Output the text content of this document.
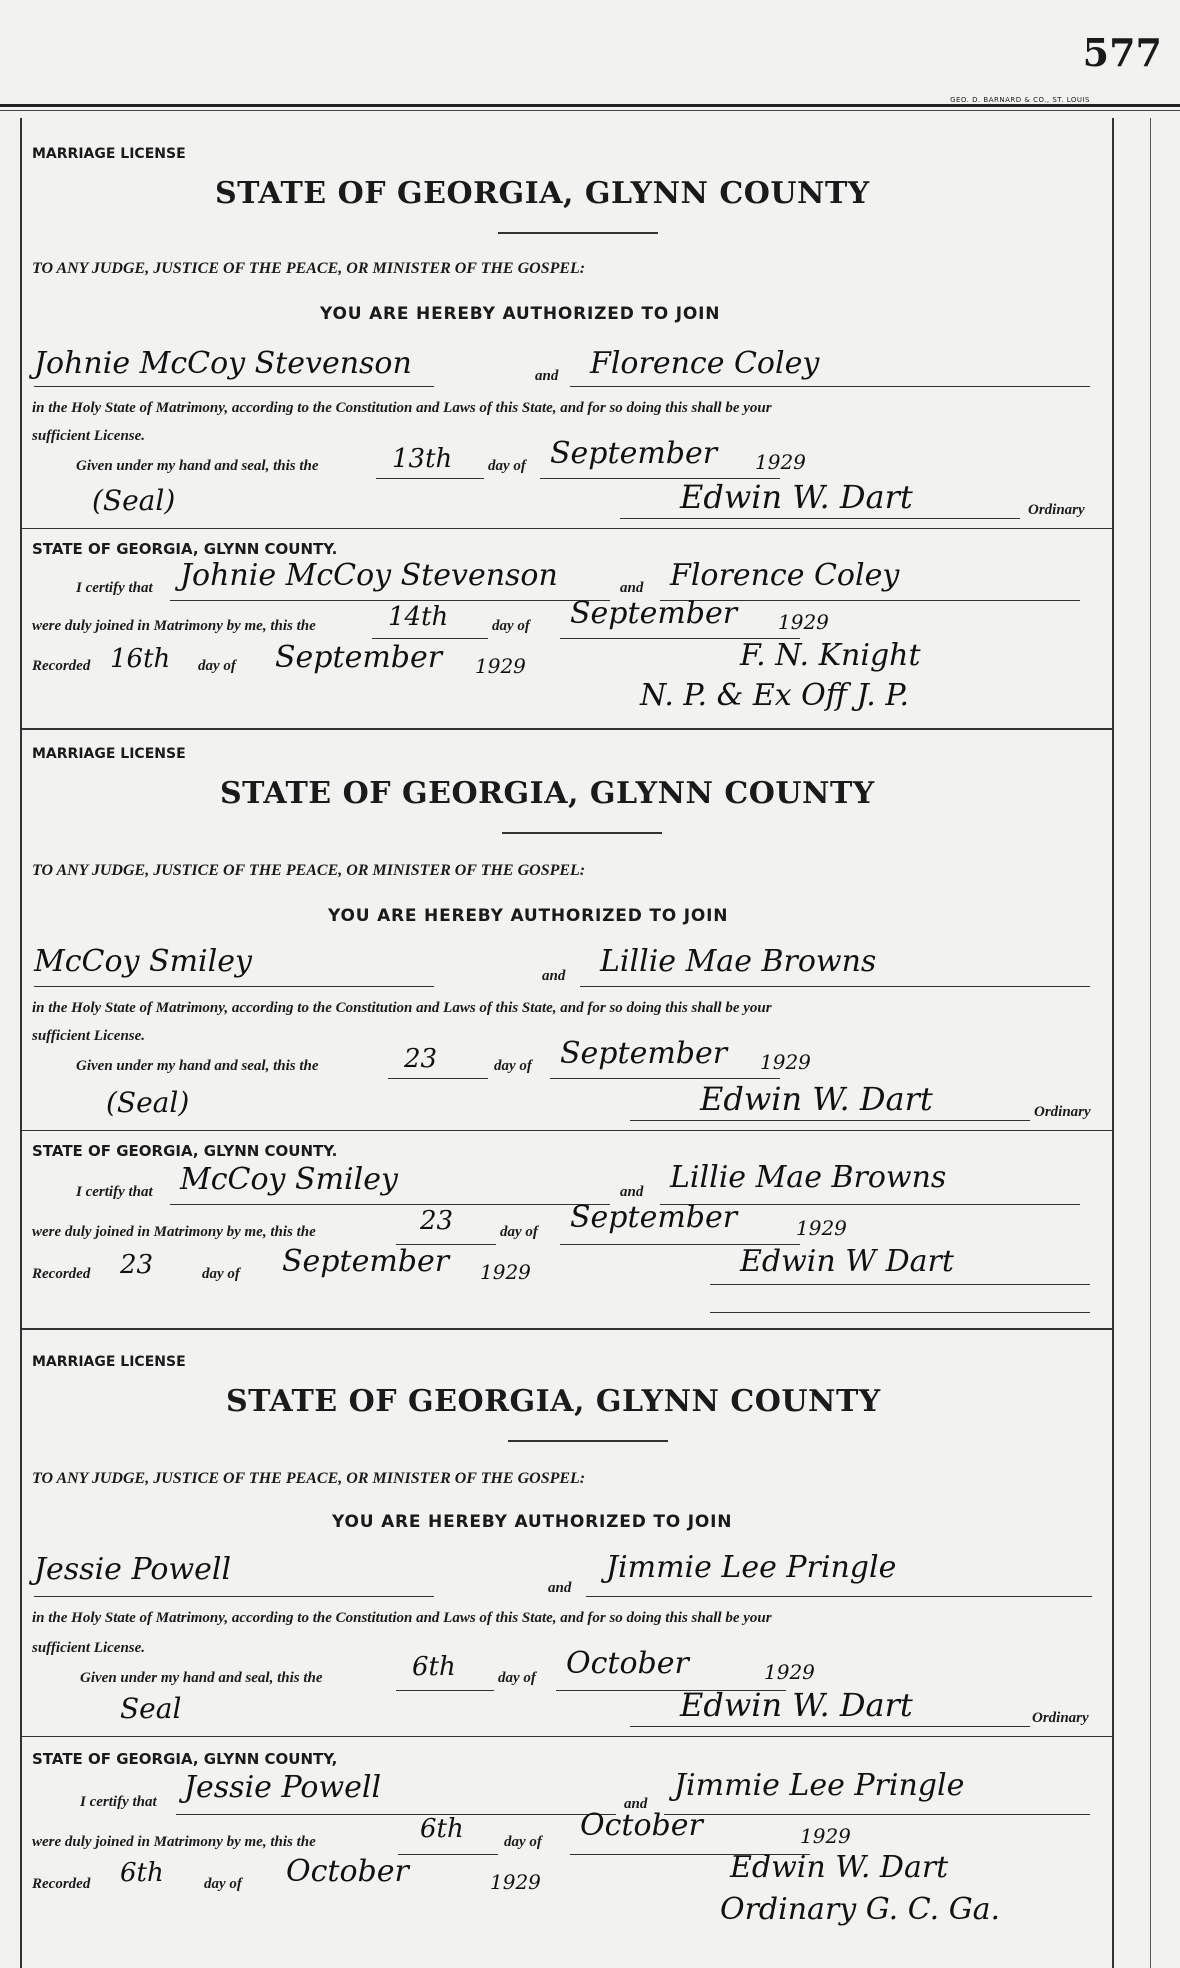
577
GEO. D. BARNARD & CO., ST. LOUIS
MARRIAGE LICENSE
STATE OF GEORGIA, GLYNN COUNTY
TO ANY JUDGE, JUSTICE OF THE PEACE, OR MINISTER OF THE GOSPEL:
YOU ARE HEREBY AUTHORIZED TO JOIN
Johnie McCoy Stevenson	and Florence Coley
in the Holy State of Matrimony, according to the Constitution and Laws of this State, and for so doing this shall be your
sufficient License.
Given under my hand and seal, this the	13th day of September 1929
(Seal)	Edwin W. Dart	Ordinary
STATE OF GEORGIA, GLYNN COUNTY.
I certify that Johnie McCoy Stevenson	and Florence Coley
were duly joined in Matrimony by me, this the	14th	day of September 1929
Recorded 16th day of September 1929	F. N. Knight
N. P. & Ex Off J. P.
MARRIAGE LICENSE
STATE OF GEORGIA, GLYNN COUNTY
TO ANY JUDGE, JUSTICE OF THE PEACE, OR MINISTER OF THE GOSPEL:
YOU ARE HEREBY AUTHORIZED TO JOIN
McCoy Smiley	and Lillie Mae Browns
in the Holy State of Matrimony, according to the Constitution and Laws of this State, and for so doing this shall be your
sufficient License.
Given under my hand and seal, this the	23	day of September 1929
(Seal)	Edwin W. Dart	Ordinary
STATE OF GEORGIA, GLYNN COUNTY.
I certify that McCoy Smiley	and Lillie Mae Browns
were duly joined in Matrimony by me, this the	23	day of September	1929
Recorded 23	day of September 1929	Edwin W Dart
MARRIAGE LICENSE
STATE OF GEORGIA, GLYNN COUNTY
TO ANY JUDGE, JUSTICE OF THE PEACE, OR MINISTER OF THE GOSPEL:
YOU ARE HEREBY AUTHORIZED TO JOIN
Jessie Powell
and
Jimmie Lee Pringle
in the Holy State of Matrimony, according to the Constitution and Laws of this State, and for so doing this shall be your
sufficient License.
Given under my hand and seal, this the	6th	day of October	1929
Seal	Edwin W. Dart	Ordinary
STATE OF GEORGIA, GLYNN COUNTY,
I certify that Jessie Powell	and
Jimmie Lee Pringle
were duly joined in Matrimony by me, this the	6th	day of October	1929
Recorded 6th	day of October	1929	Edwin W. Dart
Ordinary G. C. Ga.
